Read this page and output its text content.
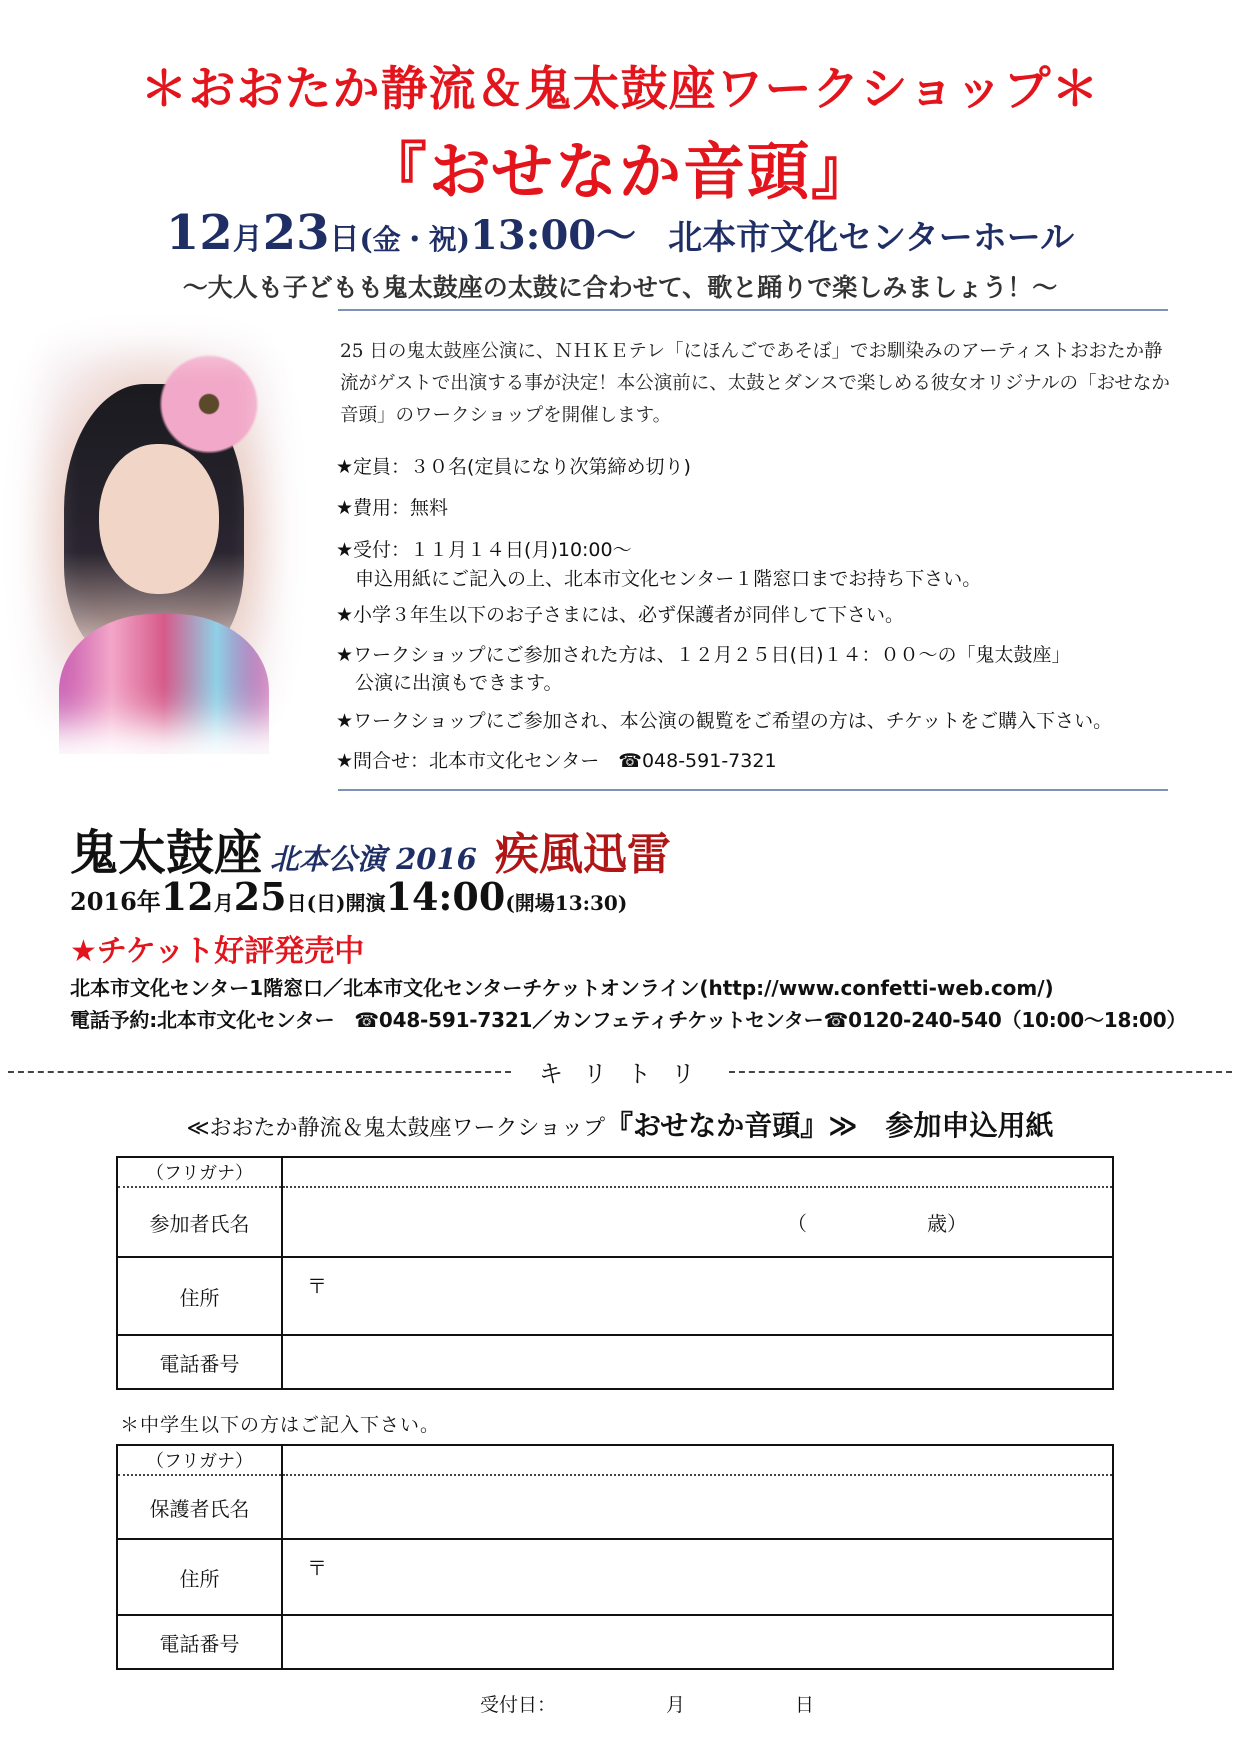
＊おおたか静流＆鬼太鼓座ワークショップ＊
『おせなか音頭』
12月23日(金・祝)13:00～ 北本市文化センターホール
～大人も子どもも鬼太鼓座の太鼓に合わせて、歌と踊りで楽しみましょう！～
25 日の鬼太鼓座公演に、ＮＨＫＥテレ「にほんごであそぼ」でお馴染みのアーティストおおたか静流がゲストで出演する事が決定！本公演前に、太鼓とダンスで楽しめる彼女オリジナルの「おせなか音頭」のワークショップを開催します。
★定員：３０名(定員になり次第締め切り)
★費用：無料
★受付：１１月１４日(月)10:00～
　申込用紙にご記入の上、北本市文化センター１階窓口までお持ち下さい。
★小学３年生以下のお子さまには、必ず保護者が同伴して下さい。
★ワークショップにご参加された方は、１２月２５日(日)１４：００～の「鬼太鼓座」
　公演に出演もできます。
★ワークショップにご参加され、本公演の観覧をご希望の方は、チケットをご購入下さい。
★問合せ：北本市文化センター　☎048-591-7321
鬼太鼓座 北本公演 2016 疾風迅雷
2016年12月25日(日)開演14:00(開場13:30)
★チケット好評発売中
北本市文化センター1階窓口／北本市文化センターチケットオンライン(http://www.confetti-web.com/)
電話予約:北本市文化センター　☎048-591-7321／カンフェティチケットセンター☎0120-240-540（10:00～18:00）
キリトリ
≪おおたか静流＆鬼太鼓座ワークショップ『おせなか音頭』≫　参加申込用紙
（フリガナ）	
参加者氏名	（ 歳）

住所	〒

電話番号	
＊中学生以下の方はご記入下さい。
（フリガナ）	
保護者氏名	
住所	〒

電話番号	
受付日：	月	日
